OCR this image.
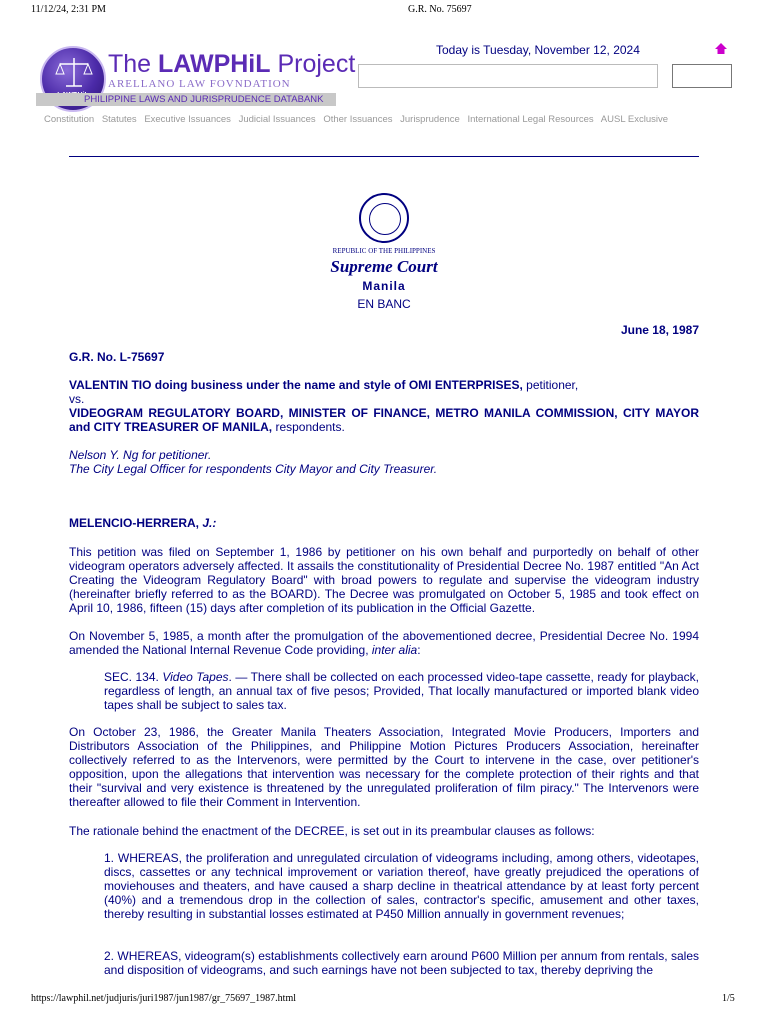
11/12/24, 2:31 PM	G.R. No. 75697
The LAWPHiL Project
ARELLANO LAW FOVNDATION
PHILIPPINE LAWS AND JURISPRUDENCE DATABANK
Today is Tuesday, November 12, 2024
Constitution Statutes Executive Issuances Judicial Issuances Other Issuances Jurisprudence International Legal Resources AUSL Exclusive
REPUBLIC OF THE PHILIPPINES
Supreme Court
Manila
EN BANC
June 18, 1987
G.R. No. L-75697
VALENTIN TIO doing business under the name and style of OMI ENTERPRISES, petitioner,
vs.
VIDEOGRAM REGULATORY BOARD, MINISTER OF FINANCE, METRO MANILA COMMISSION, CITY MAYOR and CITY TREASURER OF MANILA, respondents.
Nelson Y. Ng for petitioner.
The City Legal Officer for respondents City Mayor and City Treasurer.
MELENCIO-HERRERA, J.:
This petition was filed on September 1, 1986 by petitioner on his own behalf and purportedly on behalf of other videogram operators adversely affected. It assails the constitutionality of Presidential Decree No. 1987 entitled "An Act Creating the Videogram Regulatory Board" with broad powers to regulate and supervise the videogram industry (hereinafter briefly referred to as the BOARD). The Decree was promulgated on October 5, 1985 and took effect on April 10, 1986, fifteen (15) days after completion of its publication in the Official Gazette.
On November 5, 1985, a month after the promulgation of the abovementioned decree, Presidential Decree No. 1994 amended the National Internal Revenue Code providing, inter alia:
SEC. 134. Video Tapes. — There shall be collected on each processed video-tape cassette, ready for playback, regardless of length, an annual tax of five pesos; Provided, That locally manufactured or imported blank video tapes shall be subject to sales tax.
On October 23, 1986, the Greater Manila Theaters Association, Integrated Movie Producers, Importers and Distributors Association of the Philippines, and Philippine Motion Pictures Producers Association, hereinafter collectively referred to as the Intervenors, were permitted by the Court to intervene in the case, over petitioner's opposition, upon the allegations that intervention was necessary for the complete protection of their rights and that their "survival and very existence is threatened by the unregulated proliferation of film piracy." The Intervenors were thereafter allowed to file their Comment in Intervention.
The rationale behind the enactment of the DECREE, is set out in its preambular clauses as follows:
1. WHEREAS, the proliferation and unregulated circulation of videograms including, among others, videotapes, discs, cassettes or any technical improvement or variation thereof, have greatly prejudiced the operations of moviehouses and theaters, and have caused a sharp decline in theatrical attendance by at least forty percent (40%) and a tremendous drop in the collection of sales, contractor's specific, amusement and other taxes, thereby resulting in substantial losses estimated at P450 Million annually in government revenues;
2. WHEREAS, videogram(s) establishments collectively earn around P600 Million per annum from rentals, sales and disposition of videograms, and such earnings have not been subjected to tax, thereby depriving the
https://lawphil.net/judjuris/juri1987/jun1987/gr_75697_1987.html	1/5
